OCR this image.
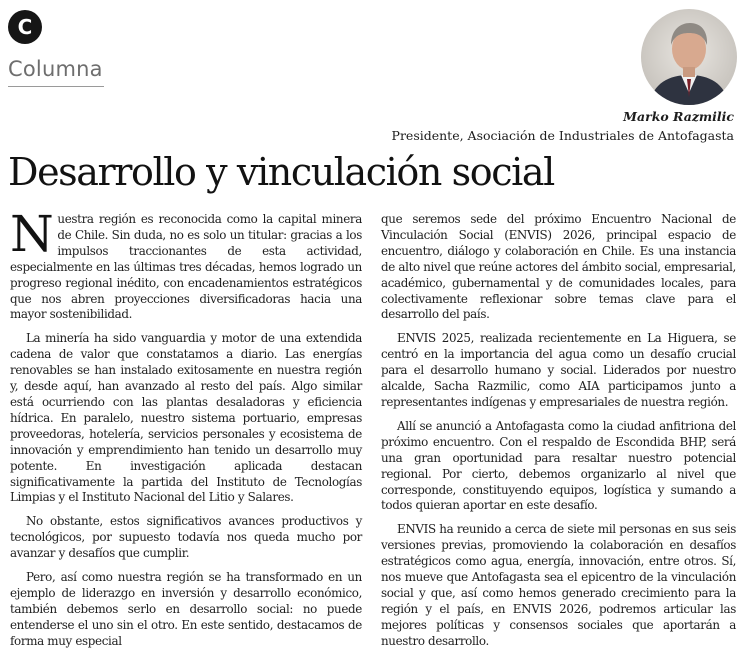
C
Columna
Marko Razmilic
Presidente, Asociación de Industriales de Antofagasta
Desarrollo y vinculación social

Nuestra región es reconocida como la capital minera de Chile. Sin duda, no es solo un titular: gracias a los impulsos traccionantes de esta actividad, especialmente en las últimas tres décadas, hemos logrado un progreso regional inédito, con encadenamientos estratégicos que nos abren proyecciones diversificadoras hacia una mayor sostenibilidad.

La minería ha sido vanguardia y motor de una extendida cadena de valor que constatamos a diario. Las energías renovables se han instalado exitosamente en nuestra región y, desde aquí, han avanzado al resto del país. Algo similar está ocurriendo con las plantas desaladoras y eficiencia hídrica. En paralelo, nuestro sistema portuario, empresas proveedoras, hotelería, servicios personales y ecosistema de innovación y emprendimiento han tenido un desarrollo muy potente. En investigación aplicada destacan significativamente la partida del Instituto de Tecnologías Limpias y el Instituto Nacional del Litio y Salares.

No obstante, estos significativos avances productivos y tecnológicos, por supuesto todavía nos queda mucho por avanzar y desafíos que cumplir.

Pero, así como nuestra región se ha transformado en un ejemplo de liderazgo en inversión y desarrollo económico, también debemos serlo en desarrollo social: no puede entenderse el uno sin el otro. En este sentido, destacamos de forma muy especial

que seremos sede del próximo Encuentro Nacional de Vinculación Social (ENVIS) 2026, principal espacio de encuentro, diálogo y colaboración en Chile. Es una instancia de alto nivel que reúne actores del ámbito social, empresarial, académico, gubernamental y de comunidades locales, para colectivamente reflexionar sobre temas clave para el desarrollo del país.

ENVIS 2025, realizada recientemente en La Higuera, se centró en la importancia del agua como un desafío crucial para el desarrollo humano y social. Liderados por nuestro alcalde, Sacha Razmilic, como AIA participamos junto a representantes indígenas y empresariales de nuestra región.

Allí se anunció a Antofagasta como la ciudad anfitriona del próximo encuentro. Con el respaldo de Escondida BHP, será una gran oportunidad para resaltar nuestro potencial regional. Por cierto, debemos organizarlo al nivel que corresponde, constituyendo equipos, logística y sumando a todos quieran aportar en este desafío.

ENVIS ha reunido a cerca de siete mil personas en sus seis versiones previas, promoviendo la colaboración en desafíos estratégicos como agua, energía, innovación, entre otros. Sí, nos mueve que Antofagasta sea el epicentro de la vinculación social y que, así como hemos generado crecimiento para la región y el país, en ENVIS 2026, podremos articular las mejores políticas y consensos sociales que aportarán a nuestro desarrollo.
